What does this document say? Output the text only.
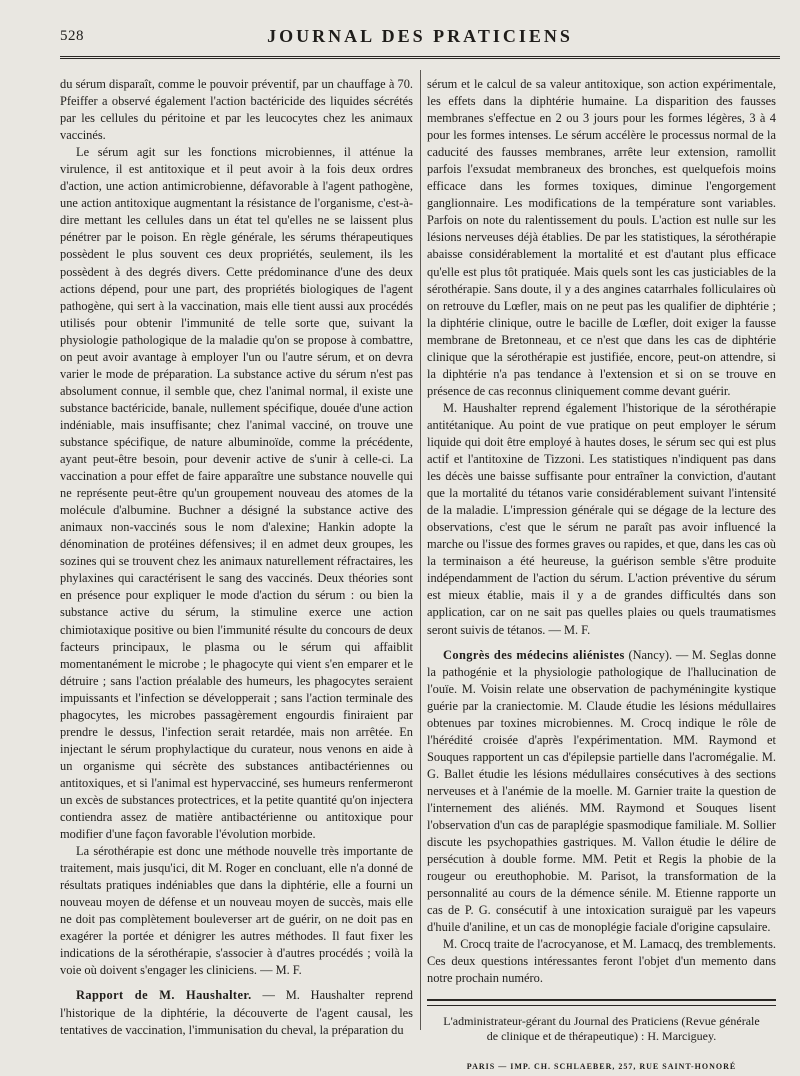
528	JOURNAL DES PRATICIENS

du sérum disparaît, comme le pouvoir préventif, par un chauffage à 70. Pfeiffer a observé également l'action bactéricide des liquides sécrétés par les cellules du péritoine et par les leucocytes chez les animaux vaccinés.

Le sérum agit sur les fonctions microbiennes, il atténue la virulence, il est antitoxique et il peut avoir à la fois deux ordres d'action, une action antimicrobienne, défavorable à l'agent pathogène, une action antitoxique augmentant la résistance de l'organisme, c'est-à-dire mettant les cellules dans un état tel qu'elles ne se laissent plus pénétrer par le poison. En règle générale, les sérums thérapeutiques possèdent le plus souvent ces deux propriétés, seulement, ils les possèdent à des degrés divers. Cette prédominance d'une des deux actions dépend, pour une part, des propriétés biologiques de l'agent pathogène, qui sert à la vaccination, mais elle tient aussi aux procédés utilisés pour obtenir l'immunité de telle sorte que, suivant la physiologie pathologique de la maladie qu'on se propose à combattre, on peut avoir avantage à employer l'un ou l'autre sérum, et on devra varier le mode de préparation. La substance active du sérum n'est pas absolument connue, il semble que, chez l'animal normal, il existe une substance bactéricide, banale, nullement spécifique, douée d'une action indéniable, mais insuffisante; chez l'animal vacciné, on trouve une substance spécifique, de nature albuminoïde, comme la précédente, ayant peut-être besoin, pour devenir active de s'unir à celle-ci. La vaccination a pour effet de faire apparaître une substance nouvelle qui ne représente peut-être qu'un groupement nouveau des atomes de la molécule d'albumine. Buchner a désigné la substance active des animaux non-vaccinés sous le nom d'alexine; Hankin adopte la dénomination de protéines défensives; il en admet deux groupes, les sozines qui se trouvent chez les animaux naturellement réfractaires, les phylaxines qui caractérisent le sang des vaccinés. Deux théories sont en présence pour expliquer le mode d'action du sérum : ou bien la substance active du sérum, la stimuline exerce une action chimiotaxique positive ou bien l'immunité résulte du concours de deux facteurs principaux, le plasma ou le sérum qui affaiblit momentanément le microbe ; le phagocyte qui vient s'en emparer et le détruire ; sans l'action préalable des humeurs, les phagocytes seraient impuissants et l'infection se développerait ; sans l'action terminale des phagocytes, les microbes passagèrement engourdis finiraient par prendre le dessus, l'infection serait retardée, mais non arrêtée. En injectant le sérum prophylactique du curateur, nous venons en aide à un organisme qui sécrète des substances antibactériennes ou antitoxiques, et si l'animal est hypervacciné, ses humeurs renfermeront un excès de substances protectrices, et la petite quantité qu'on injectera contiendra assez de matière antibactérienne ou antitoxique pour modifier d'une façon favorable l'évolution morbide.

La sérothérapie est donc une méthode nouvelle très importante de traitement, mais jusqu'ici, dit M. Roger en concluant, elle n'a donné de résultats pratiques indéniables que dans la diphtérie, elle a fourni un nouveau moyen de défense et un nouveau moyen de succès, mais elle ne doit pas complètement bouleverser art de guérir, on ne doit pas en exagérer la portée et dénigrer les autres méthodes. Il faut fixer les indications de la sérothérapie, s'associer à d'autres procédés ; voilà la voie où doivent s'engager les cliniciens. — M. F.

Rapport de M. Haushalter. — M. Haushalter reprend l'historique de la diphtérie, la découverte de l'agent causal, les tentatives de vaccination, l'immunisation du cheval, la préparation du

sérum et le calcul de sa valeur antitoxique, son action expérimentale, les effets dans la diphtérie humaine. La disparition des fausses membranes s'effectue en 2 ou 3 jours pour les formes légères, 3 à 4 pour les formes intenses. Le sérum accélère le processus normal de la caducité des fausses membranes, arrête leur extension, ramollit parfois l'exsudat membraneux des bronches, est quelquefois moins efficace dans les formes toxiques, diminue l'engorgement ganglionnaire. Les modifications de la température sont variables. Parfois on note du ralentissement du pouls. L'action est nulle sur les lésions nerveuses déjà établies. De par les statistiques, la sérothérapie abaisse considérablement la mortalité et est d'autant plus efficace qu'elle est plus tôt pratiquée. Mais quels sont les cas justiciables de la sérothérapie. Sans doute, il y a des angines catarrhales folliculaires où on retrouve du Lœfler, mais on ne peut pas les qualifier de diphtérie ; la diphtérie clinique, outre le bacille de Lœfler, doit exiger la fausse membrane de Bretonneau, et ce n'est que dans les cas de diphtérie clinique que la sérothérapie est justifiée, encore, peut-on attendre, si la diphtérie n'a pas tendance à l'extension et si on se trouve en présence de cas reconnus cliniquement comme devant guérir.

M. Haushalter reprend également l'historique de la sérothérapie antitétanique. Au point de vue pratique on peut employer le sérum liquide qui doit être employé à hautes doses, le sérum sec qui est plus actif et l'antitoxine de Tizzoni. Les statistiques n'indiquent pas dans les décès une baisse suffisante pour entraîner la conviction, d'autant que la mortalité du tétanos varie considérablement suivant l'intensité de la maladie. L'impression générale qui se dégage de la lecture des observations, c'est que le sérum ne paraît pas avoir influencé la marche ou l'issue des formes graves ou rapides, et que, dans les cas où la terminaison a été heureuse, la guérison semble s'être produite indépendamment de l'action du sérum. L'action préventive du sérum est mieux établie, mais il y a de grandes difficultés dans son application, car on ne sait pas quelles plaies ou quels traumatismes seront suivis de tétanos. — M. F.

Congrès des médecins aliénistes (Nancy). — M. Seglas donne la pathogénie et la physiologie pathologique de l'hallucination de l'ouïe. M. Voisin relate une observation de pachyméningite kystique guérie par la craniectomie. M. Claude étudie les lésions médullaires obtenues par toxines microbiennes. M. Crocq indique le rôle de l'hérédité croisée d'après l'expérimentation. MM. Raymond et Souques rapportent un cas d'épilepsie partielle dans l'acromégalie. M. G. Ballet étudie les lésions médullaires consécutives à des sections nerveuses et à l'anémie de la moelle. M. Garnier traite la question de l'internement des aliénés. MM. Raymond et Souques lisent l'observation d'un cas de paraplégie spasmodique familiale. M. Sollier discute les psychopathies gastriques. M. Vallon étudie le délire de persécution à double forme. MM. Petit et Regis la phobie de la rougeur ou ereuthophobie. M. Parisot, la transformation de la personnalité au cours de la démence sénile. M. Etienne rapporte un cas de P. G. consécutif à une intoxication suraiguë par les vapeurs d'huile d'aniline, et un cas de monoplégie faciale d'origine capsulaire.

M. Crocq traite de l'acrocyanose, et M. Lamacq, des tremblements. Ces deux questions intéressantes feront l'objet d'un memento dans notre prochain numéro.

L'administrateur-gérant du Journal des Praticiens (Revue générale
de clinique et de thérapeutique) : H. Marciguey.
PARIS — IMP. CH. SCHLAEBER, 257, RUE SAINT-HONORÉ
